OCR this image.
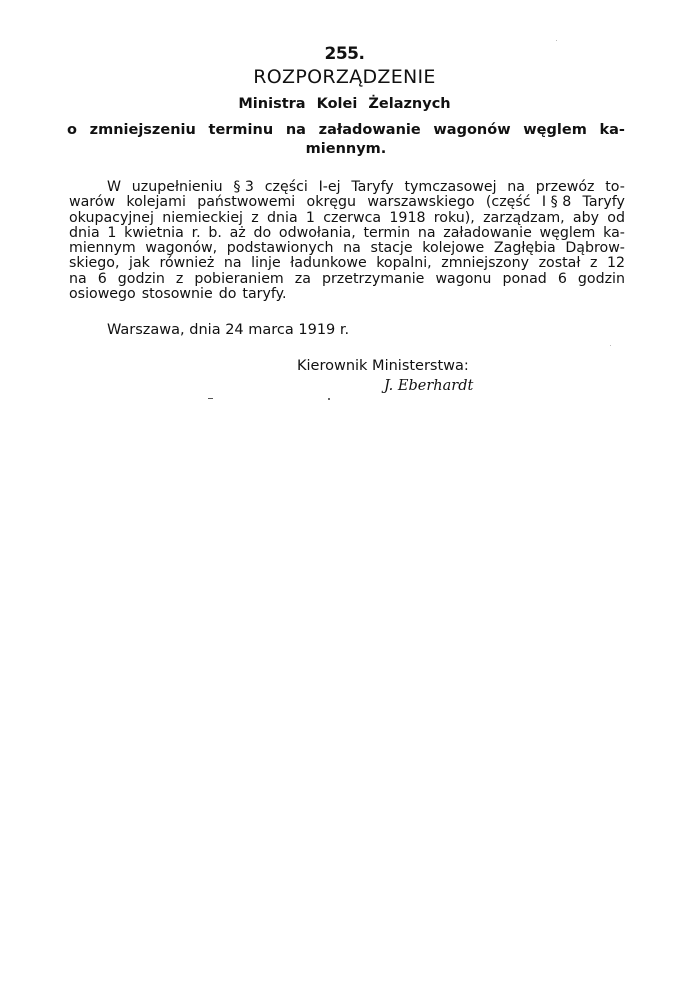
255.
ROZPORZĄDZENIE
Ministra Kolei Żelaznych
o zmniejszeniu terminu na załadowanie wagonów węglem ka-
miennym.
W uzupełnieniu § 3 części I-ej Taryfy tymczasowej na przewóz to-
warów kolejami państwowemi okręgu warszawskiego (część I § 8 Taryfy
okupacyjnej niemieckiej z dnia 1 czerwca 1918 roku), zarządzam, aby od
dnia 1 kwietnia r. b. aż do odwołania, termin na załadowanie węglem ka-
miennym wagonów, podstawionych na stacje kolejowe Zagłębia Dąbrow-
skiego, jak również na linje ładunkowe kopalni, zmniejszony został z 12
na 6 godzin z pobieraniem za przetrzymanie wagonu ponad 6 godzin
osiowego stosownie do taryfy.
Warszawa, dnia 24 marca 1919 r.
Kierownik Ministerstwa:
J. Eberhardt
